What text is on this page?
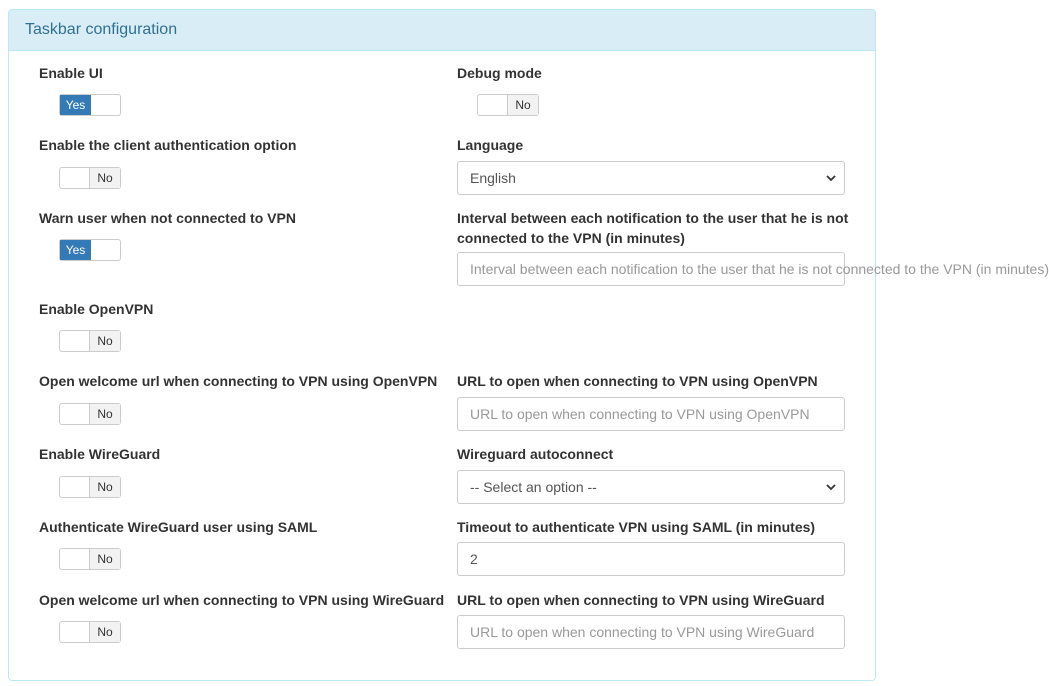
Taskbar configuration
Enable UI
Yes
Enable the client authentication option
No
Warn user when not connected to VPN
Yes
Enable OpenVPN
No
Open welcome url when connecting to VPN using OpenVPN
No
Enable WireGuard
No
Authenticate WireGuard user using SAML
No
Open welcome url when connecting to VPN using WireGuard
No
Debug mode
No
Language
English
Interval between each notification to the user that he is not
connected to the VPN (in minutes)
Interval between each notification to the user that he is not connected to the VPN (in minutes)
URL to open when connecting to VPN using OpenVPN
URL to open when connecting to VPN using OpenVPN
Wireguard autoconnect
-- Select an option --
Timeout to authenticate VPN using SAML (in minutes)
2
URL to open when connecting to VPN using WireGuard
URL to open when connecting to VPN using WireGuard
